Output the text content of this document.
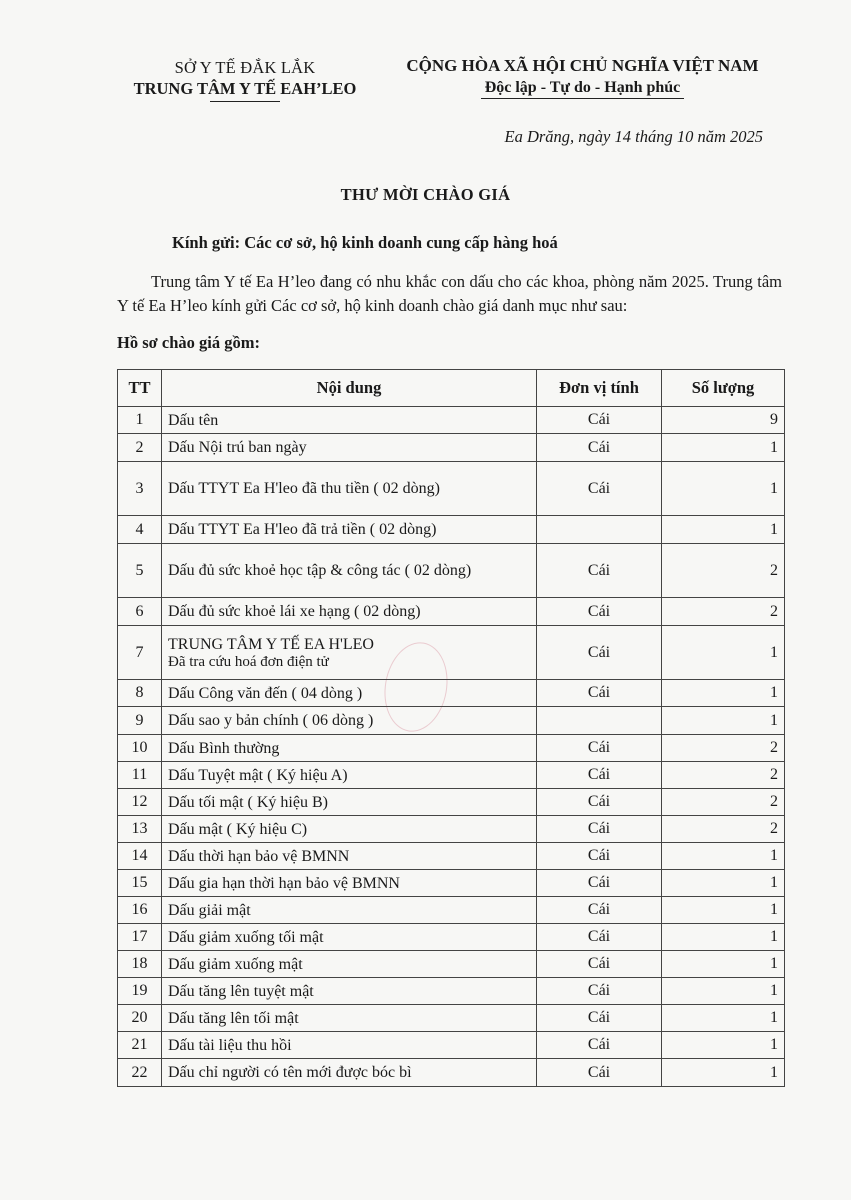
SỞ Y TẾ ĐẮK LẮK
TRUNG TÂM Y TẾ EAH’LEO
CỘNG HÒA XÃ HỘI CHỦ NGHĨA VIỆT NAM
Độc lập - Tự do - Hạnh phúc
Ea Drăng, ngày 14 tháng 10 năm 2025
THƯ MỜI CHÀO GIÁ
Kính gửi: Các cơ sở, hộ kinh doanh cung cấp hàng hoá
Trung tâm Y tế Ea H’leo đang có nhu khắc con dấu cho các khoa, phòng năm 2025. Trung tâm Y tế Ea H’leo kính gửi Các cơ sở, hộ kinh doanh chào giá danh mục như sau:
Hồ sơ chào giá gồm:
TT	Nội dung	Đơn vị tính	Số lượng
1	Dấu tên	Cái	9
2	Dấu Nội trú ban ngày	Cái	1
3	Dấu TTYT Ea H'leo đã thu tiền ( 02 dòng)	Cái	1
4	Dấu TTYT Ea H'leo đã trả tiền ( 02 dòng)		1
5	Dấu đủ sức khoẻ học tập & công tác ( 02 dòng)	Cái	2
6	Dấu đủ sức khoẻ lái xe hạng ( 02 dòng)	Cái	2
7	TRUNG TÂM Y TẾ EA H'LEO
Đã tra cứu hoá đơn điện tử	Cái	1
8	Dấu Công văn đến ( 04 dòng )	Cái	1
9	Dấu sao y bản chính ( 06 dòng )		1
10	Dấu Bình thường	Cái	2
11	Dấu Tuyệt mật ( Ký hiệu A)	Cái	2
12	Dấu tối mật ( Ký hiệu B)	Cái	2
13	Dấu mật ( Ký hiệu C)	Cái	2
14	Dấu thời hạn bảo vệ BMNN	Cái	1
15	Dấu gia hạn thời hạn bảo vệ BMNN	Cái	1
16	Dấu giải mật	Cái	1
17	Dấu giảm xuống tối mật	Cái	1
18	Dấu giảm xuống mật	Cái	1
19	Dấu tăng lên tuyệt mật	Cái	1
20	Dấu tăng lên tối mật	Cái	1
21	Dấu tài liệu thu hồi	Cái	1
22	Dấu chỉ người có tên mới được bóc bì	Cái	1
